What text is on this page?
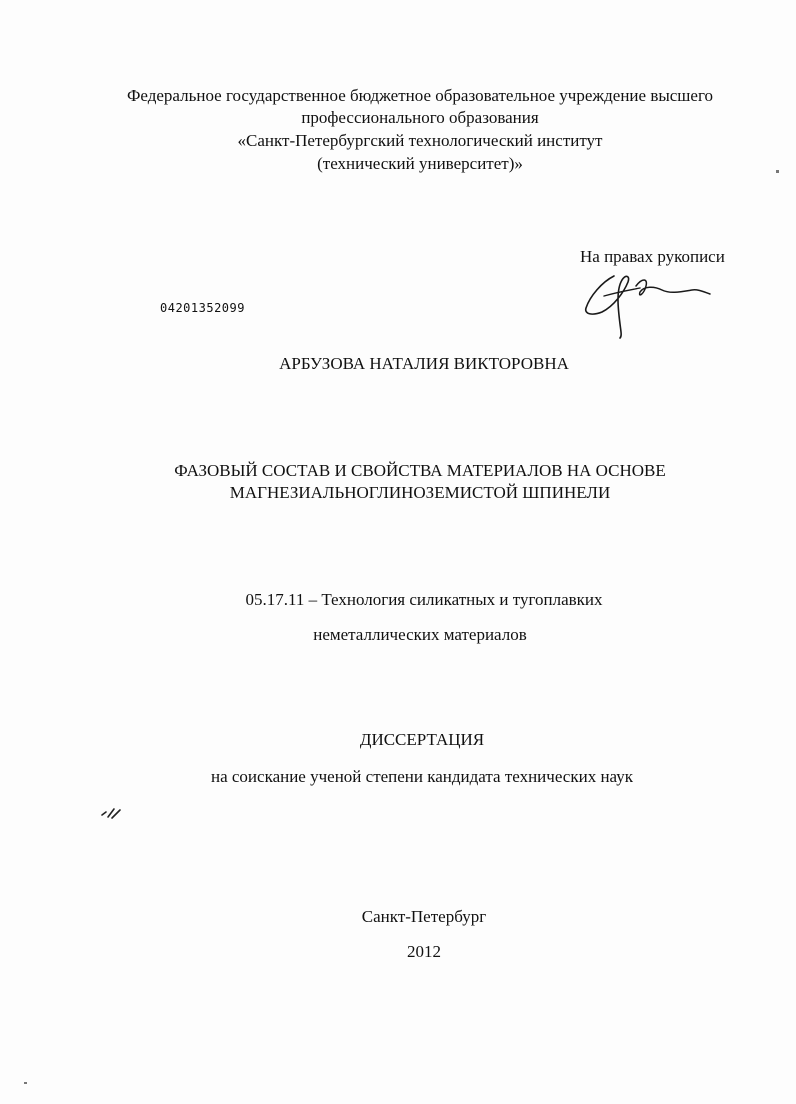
Федеральное государственное бюджетное образовательное учреждение высшего
профессионального образования
«Санкт-Петербургский технологический институт
(технический университет)»
На правах рукописи
04201352099
АРБУЗОВА НАТАЛИЯ ВИКТОРОВНА
ФАЗОВЫЙ СОСТАВ И СВОЙСТВА МАТЕРИАЛОВ НА ОСНОВЕ
МАГНЕЗИАЛЬНОГЛИНОЗЕМИСТОЙ ШПИНЕЛИ
05.17.11 – Технология силикатных и тугоплавких
неметаллических материалов
ДИССЕРТАЦИЯ
на соискание ученой степени кандидата технических наук
Санкт-Петербург
2012
